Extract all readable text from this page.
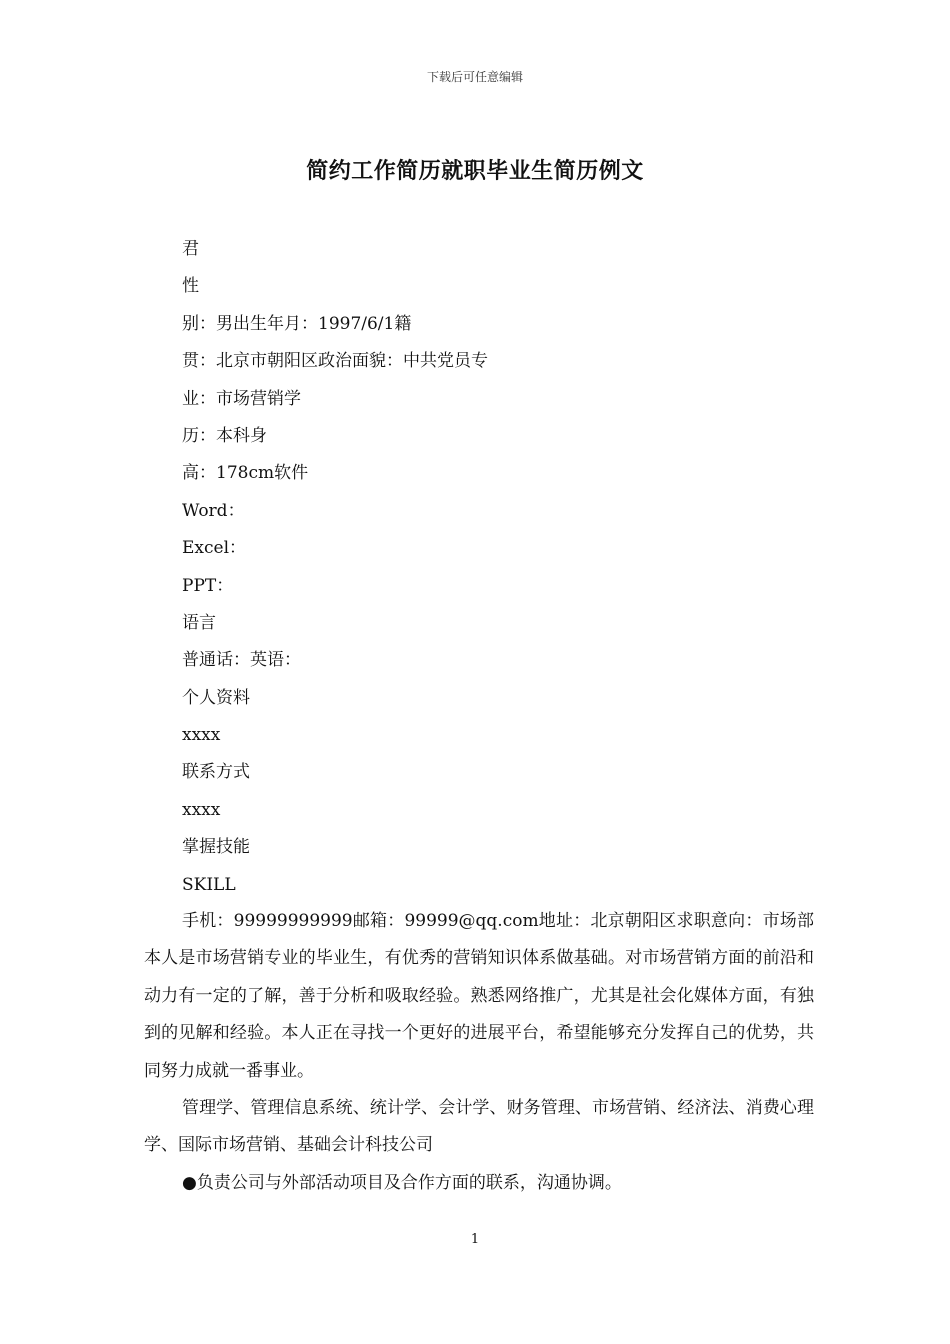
下载后可任意编辑
简约工作简历就职毕业生简历例文
君
性
别：男出生年月：1997/6/1籍
贯：北京市朝阳区政治面貌：中共党员专
业：市场营销学
历：本科身
高：178cm软件
Word：
Excel：
PPT：
语言
普通话：英语：
个人资料
xxxx
联系方式
xxxx
掌握技能
SKILL
手机：99999999999邮箱：99999@qq.com地址：北京朝阳区求职意向：市场部本人是市场营销专业的毕业生，有优秀的营销知识体系做基础。对市场营销方面的前沿和动力有一定的了解，善于分析和吸取经验。熟悉网络推广，尤其是社会化媒体方面，有独到的见解和经验。本人正在寻找一个更好的进展平台，希望能够充分发挥自己的优势，共同努力成就一番事业。
管理学、管理信息系统、统计学、会计学、财务管理、市场营销、经济法、消费心理学、国际市场营销、基础会计科技公司
●负责公司与外部活动项目及合作方面的联系，沟通协调。
1
